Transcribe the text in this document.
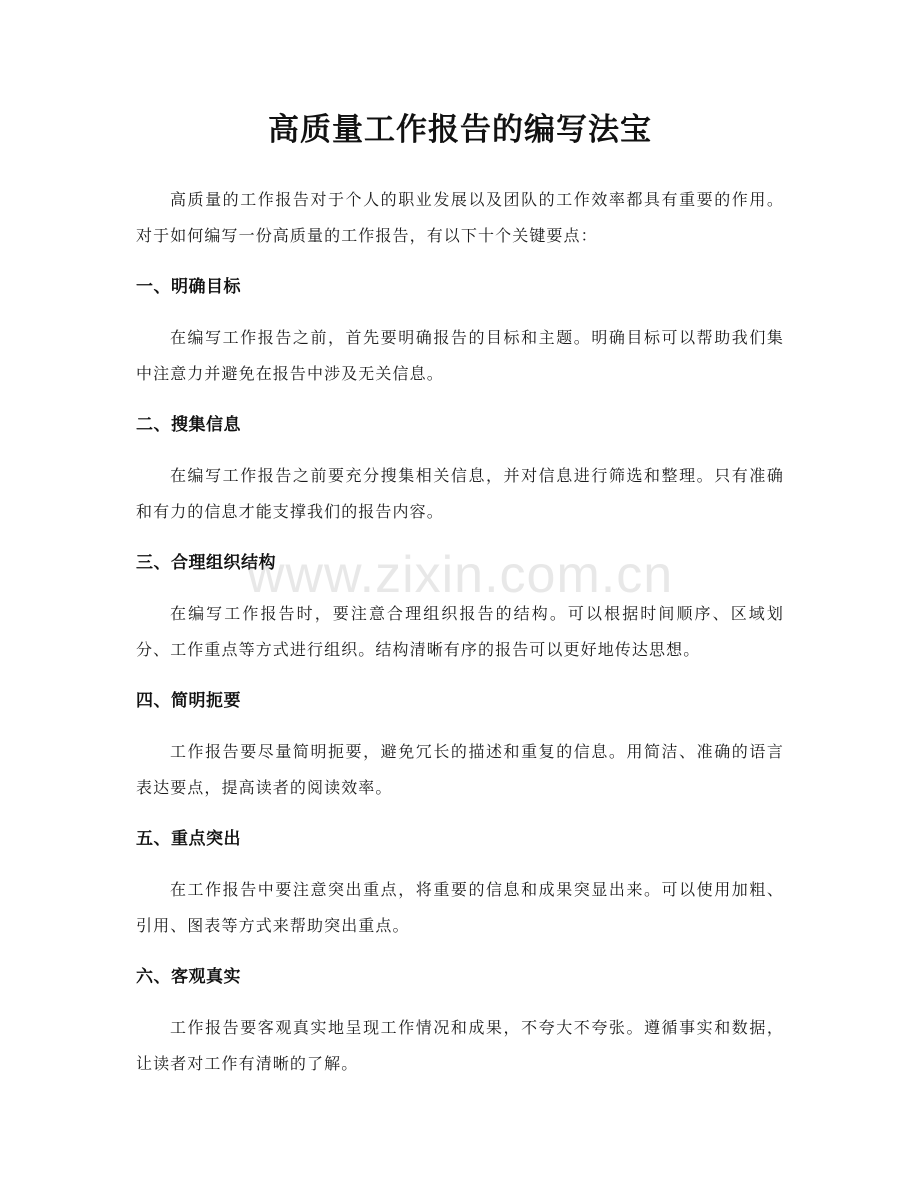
高质量工作报告的编写法宝

高质量的工作报告对于个人的职业发展以及团队的工作效率都具有重要的作用。对于如何编写一份高质量的工作报告，有以下十个关键要点：

一、明确目标

在编写工作报告之前，首先要明确报告的目标和主题。明确目标可以帮助我们集中注意力并避免在报告中涉及无关信息。

二、搜集信息

在编写工作报告之前要充分搜集相关信息，并对信息进行筛选和整理。只有准确和有力的信息才能支撑我们的报告内容。

三、合理组织结构

在编写工作报告时，要注意合理组织报告的结构。可以根据时间顺序、区域划分、工作重点等方式进行组织。结构清晰有序的报告可以更好地传达思想。

四、简明扼要

工作报告要尽量简明扼要，避免冗长的描述和重复的信息。用简洁、准确的语言表达要点，提高读者的阅读效率。

五、重点突出

在工作报告中要注意突出重点，将重要的信息和成果突显出来。可以使用加粗、引用、图表等方式来帮助突出重点。

六、客观真实

工作报告要客观真实地呈现工作情况和成果，不夸大不夸张。遵循事实和数据，让读者对工作有清晰的了解。

www.zixin.com.cn
